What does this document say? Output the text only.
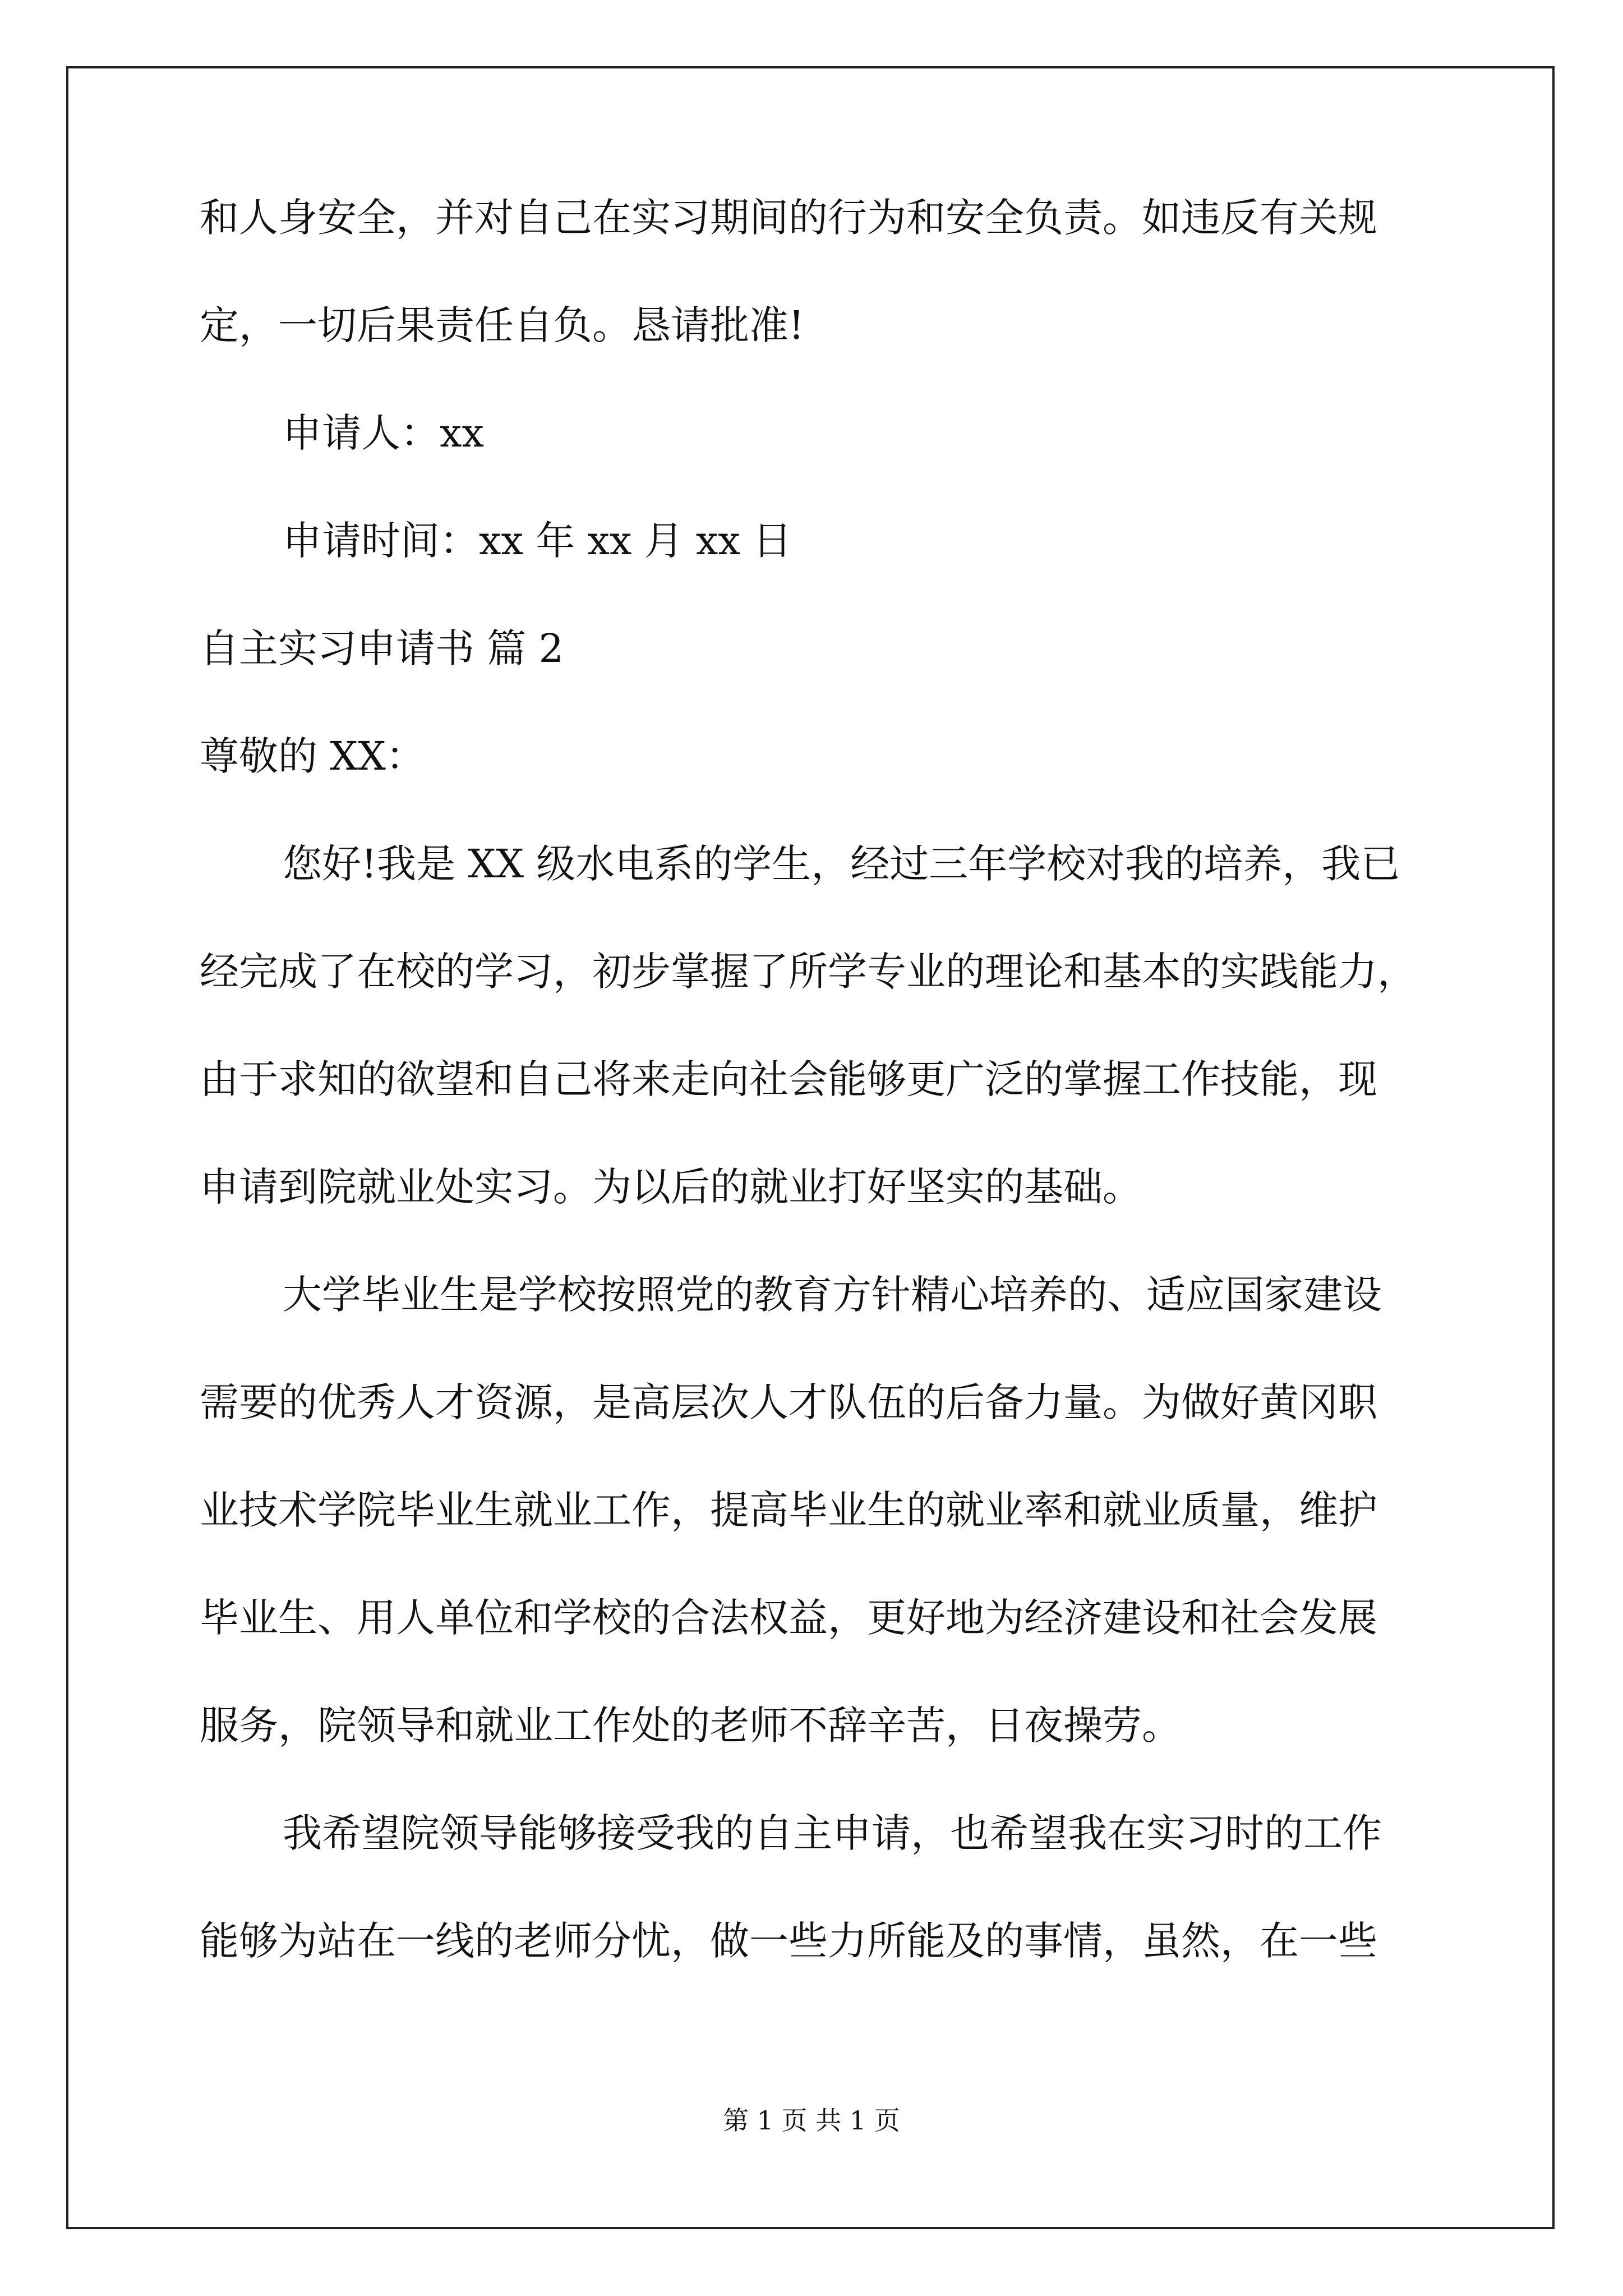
和人身安全，并对自己在实习期间的行为和安全负责。如违反有关规
定，一切后果责任自负。恳请批准!
申请人：xx
申请时间：xx 年 xx 月 xx 日
自主实习申请书 篇 2
尊敬的 XX：
您好!我是 XX 级水电系的学生，经过三年学校对我的培养，我已
经完成了在校的学习，初步掌握了所学专业的理论和基本的实践能力，
由于求知的欲望和自己将来走向社会能够更广泛的掌握工作技能，现
申请到院就业处实习。为以后的就业打好坚实的基础。
大学毕业生是学校按照党的教育方针精心培养的、适应国家建设
需要的优秀人才资源，是高层次人才队伍的后备力量。为做好黄冈职
业技术学院毕业生就业工作，提高毕业生的就业率和就业质量，维护
毕业生、用人单位和学校的合法权益，更好地为经济建设和社会发展
服务，院领导和就业工作处的老师不辞辛苦，日夜操劳。
我希望院领导能够接受我的自主申请，也希望我在实习时的工作
能够为站在一线的老师分忧，做一些力所能及的事情，虽然，在一些
第 1 页 共 1 页
